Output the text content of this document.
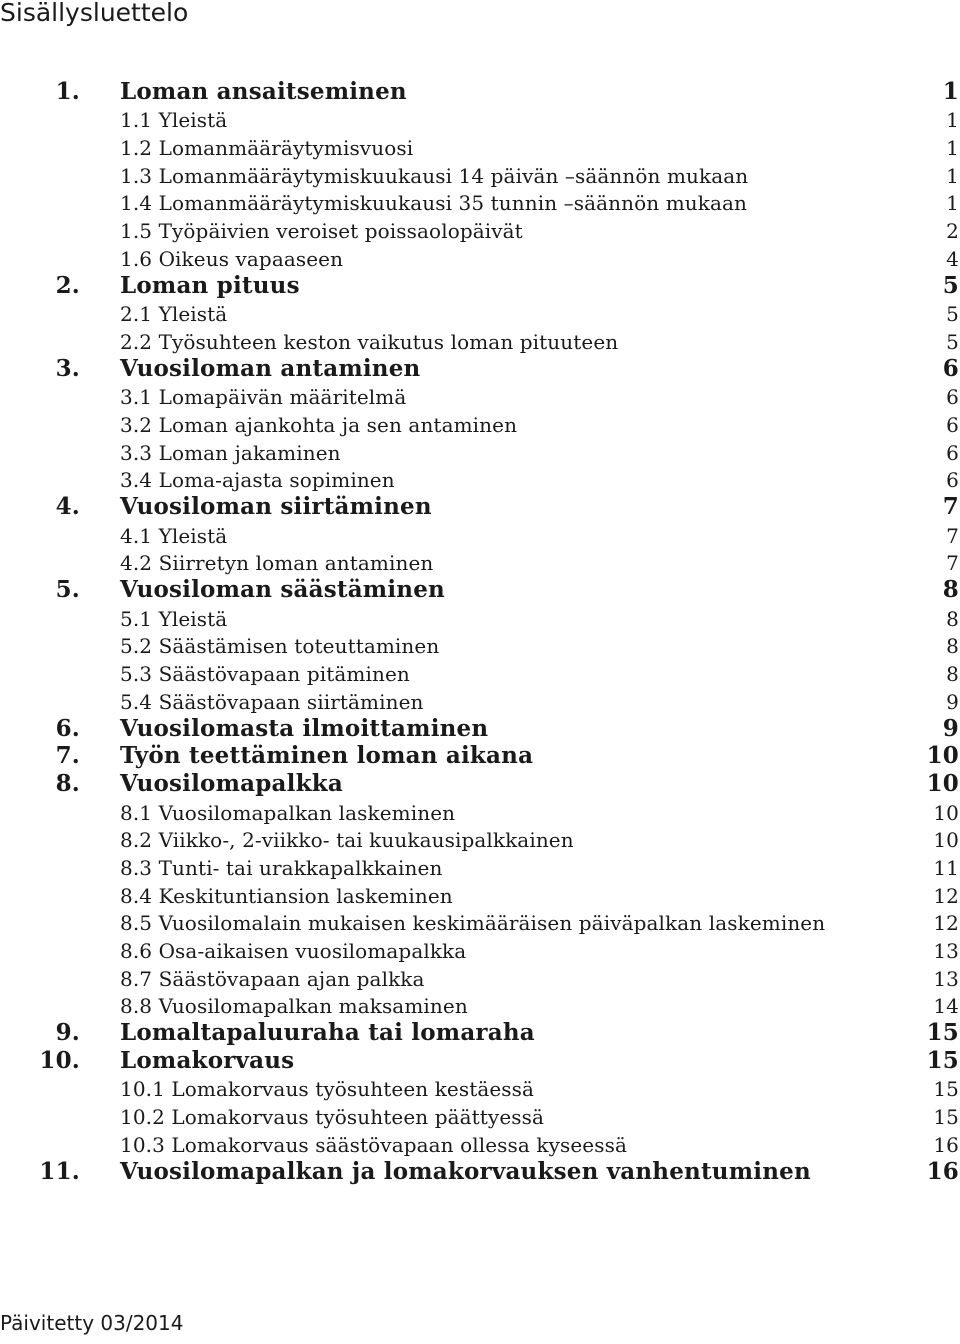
Sisällysluettelo
1. Loman ansaitseminen	1
1.1 Yleistä	1
1.2 Lomanmääräytymisvuosi	1
1.3 Lomanmääräytymiskuukausi 14 päivän –säännön mukaan	1
1.4 Lomanmääräytymiskuukausi 35 tunnin –säännön mukaan	1
1.5 Työpäivien veroiset poissaolopäivät	2
1.6 Oikeus vapaaseen	4
2. Loman pituus	5
2.1 Yleistä	5
2.2 Työsuhteen keston vaikutus loman pituuteen	5
3. Vuosiloman antaminen	6
3.1 Lomapäivän määritelmä	6
3.2 Loman ajankohta ja sen antaminen	6
3.3 Loman jakaminen	6
3.4 Loma-ajasta sopiminen	6
4. Vuosiloman siirtäminen	7
4.1 Yleistä	7
4.2 Siirretyn loman antaminen	7
5. Vuosiloman säästäminen	8
5.1 Yleistä	8
5.2 Säästämisen toteuttaminen	8
5.3 Säästövapaan pitäminen	8
5.4 Säästövapaan siirtäminen	9
6. Vuosilomasta ilmoittaminen	9
7. Työn teettäminen loman aikana	10
8. Vuosilomapalkka	10
8.1 Vuosilomapalkan laskeminen	10
8.2 Viikko-, 2-viikko- tai kuukausipalkkainen	10
8.3 Tunti- tai urakkapalkkainen	11
8.4 Keskituntiansion laskeminen	12
8.5 Vuosilomalain mukaisen keskimääräisen päiväpalkan laskeminen	12
8.6 Osa-aikaisen vuosilomapalkka	13
8.7 Säästövapaan ajan palkka	13
8.8 Vuosilomapalkan maksaminen	14
9. Lomaltapaluuraha tai lomaraha	15
10. Lomakorvaus	15
10.1 Lomakorvaus työsuhteen kestäessä	15
10.2 Lomakorvaus työsuhteen päättyessä	15
10.3 Lomakorvaus säästövapaan ollessa kyseessä	16
11. Vuosilomapalkan ja lomakorvauksen vanhentuminen	16
Päivitetty 03/2014
